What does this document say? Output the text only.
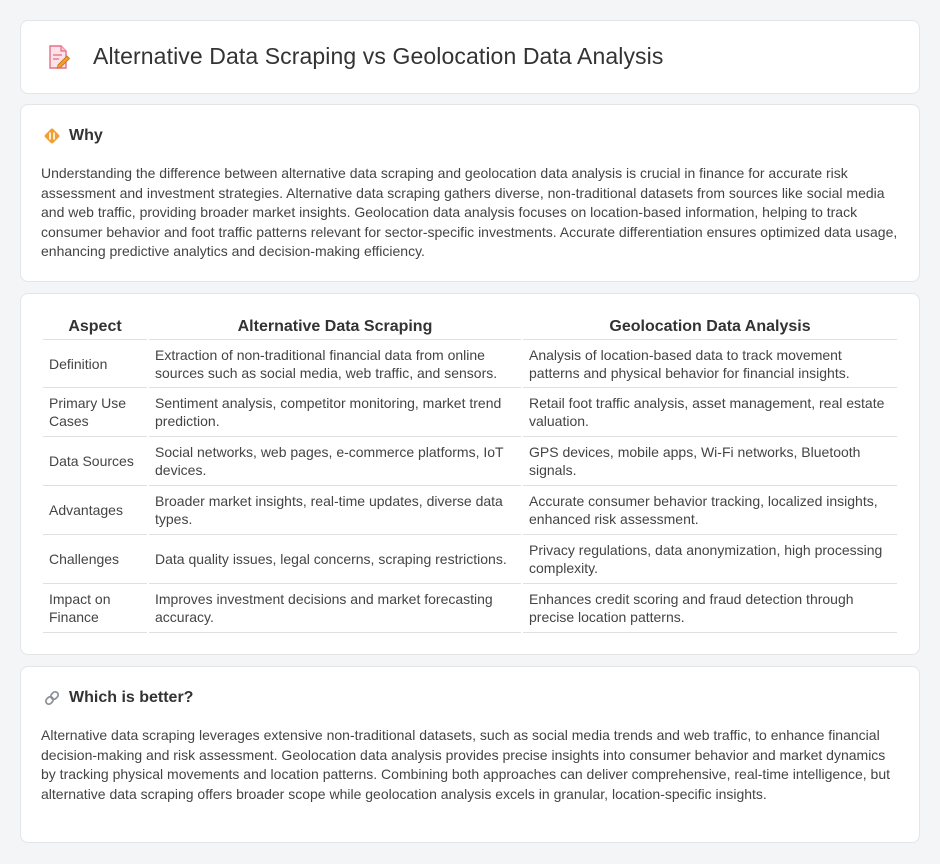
Alternative Data Scraping vs Geolocation Data Analysis
Why

Understanding the difference between alternative data scraping and geolocation data analysis is crucial in finance for accurate risk assessment and investment strategies. Alternative data scraping gathers diverse, non-traditional datasets from sources like social media and web traffic, providing broader market insights. Geolocation data analysis focuses on location-based information, helping to track consumer behavior and foot traffic patterns relevant for sector-specific investments. Accurate differentiation ensures optimized data usage, enhancing predictive analytics and decision-making efficiency.

Aspect	Alternative Data Scraping	Geolocation Data Analysis
Definition	Extraction of non-traditional financial data from online sources such as social media, web traffic, and sensors.	Analysis of location-based data to track movement patterns and physical behavior for financial insights.
Primary Use Cases	Sentiment analysis, competitor monitoring, market trend prediction.	Retail foot traffic analysis, asset management, real estate valuation.
Data Sources	Social networks, web pages, e-commerce platforms, IoT devices.	GPS devices, mobile apps, Wi-Fi networks, Bluetooth signals.
Advantages	Broader market insights, real-time updates, diverse data types.	Accurate consumer behavior tracking, localized insights, enhanced risk assessment.
Challenges	Data quality issues, legal concerns, scraping restrictions.	Privacy regulations, data anonymization, high processing complexity.
Impact on Finance	Improves investment decisions and market forecasting accuracy.	Enhances credit scoring and fraud detection through precise location patterns.
Which is better?

Alternative data scraping leverages extensive non-traditional datasets, such as social media trends and web traffic, to enhance financial decision-making and risk assessment. Geolocation data analysis provides precise insights into consumer behavior and market dynamics by tracking physical movements and location patterns. Combining both approaches can deliver comprehensive, real-time intelligence, but alternative data scraping offers broader scope while geolocation analysis excels in granular, location-specific insights.
